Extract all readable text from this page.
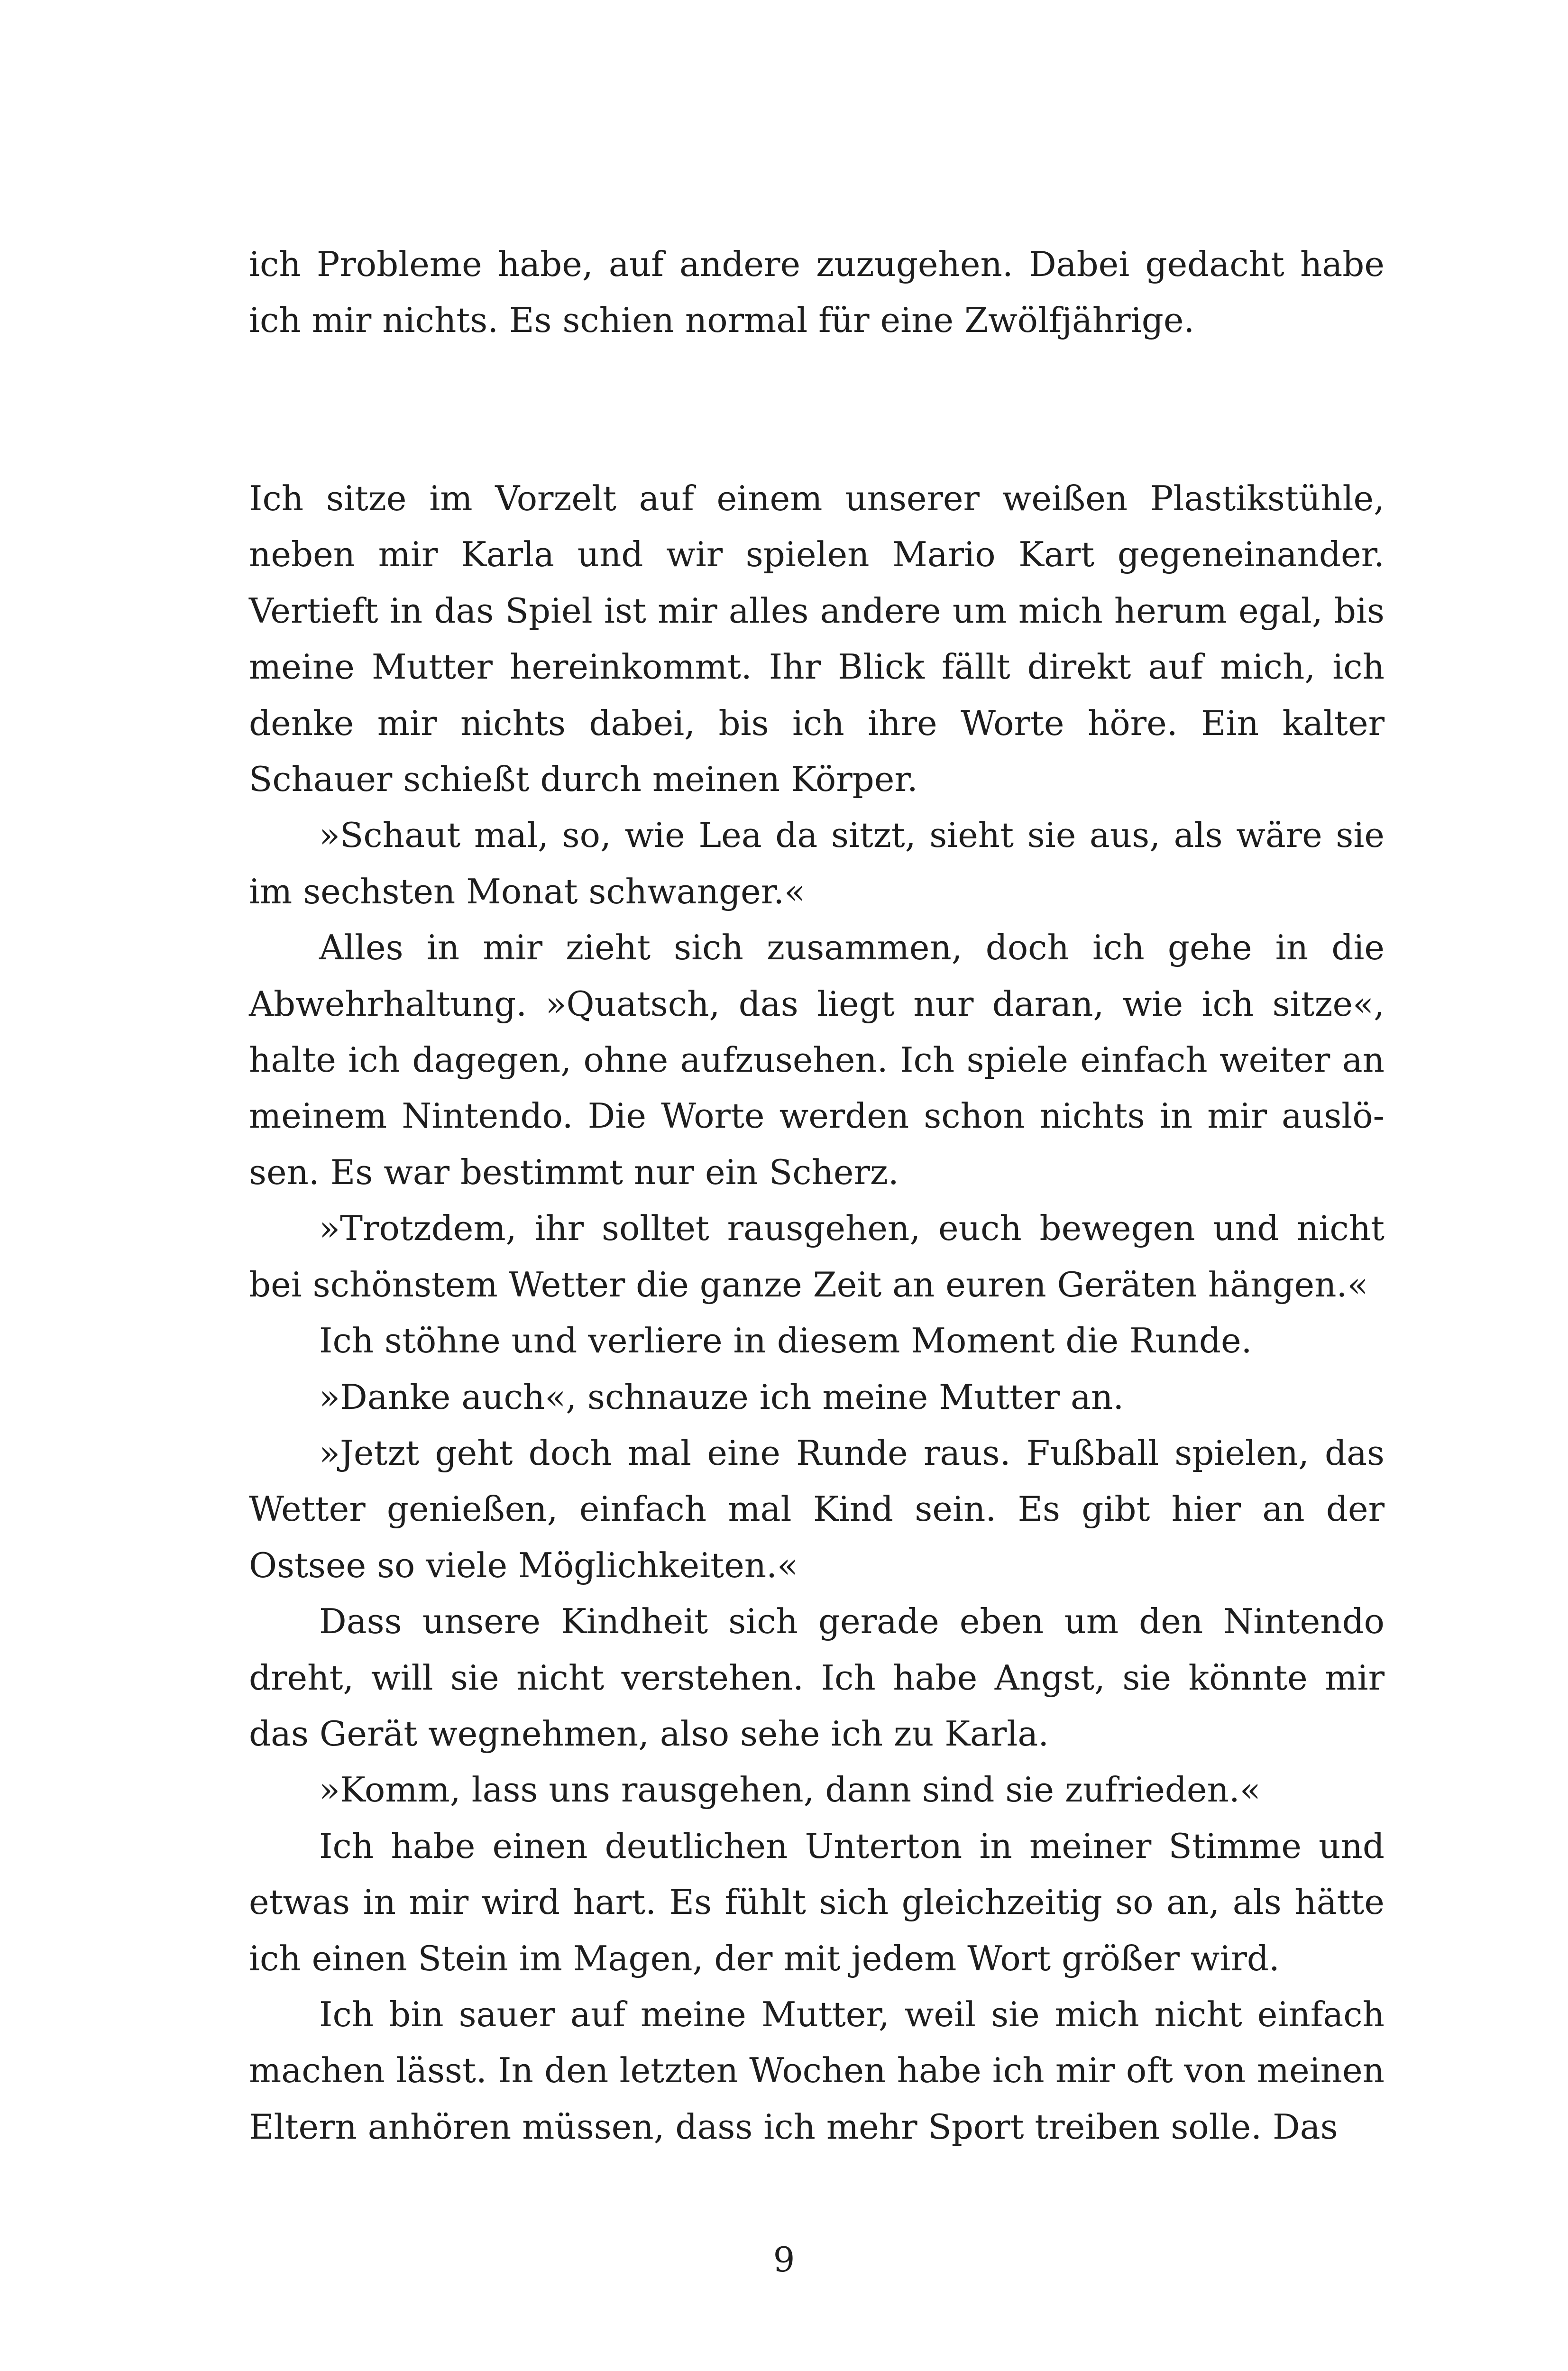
ich Probleme habe, auf andere zuzugehen. Dabei gedacht habe ich mir nichts. Es schien normal für eine Zwölfjährige.

Ich sitze im Vorzelt auf einem unserer weißen Plastikstühle, neben mir Karla und wir spielen Mario Kart gegeneinander. Vertieft in das Spiel ist mir alles andere um mich herum egal, bis meine Mutter hereinkommt. Ihr Blick fällt direkt auf mich, ich denke mir nichts dabei, bis ich ihre Worte höre. Ein kalter Schauer schießt durch meinen Körper.

»Schaut mal, so, wie Lea da sitzt, sieht sie aus, als wäre sie im sechsten Monat schwanger.«

Alles in mir zieht sich zusammen, doch ich gehe in die Abwehrhaltung. »Quatsch, das liegt nur daran, wie ich sitze«, halte ich dagegen, ohne aufzusehen. Ich spiele einfach weiter an meinem Nintendo. Die Worte werden schon nichts in mir auslösen. Es war bestimmt nur ein Scherz.

»Trotzdem, ihr solltet rausgehen, euch bewegen und nicht bei schönstem Wetter die ganze Zeit an euren Geräten hängen.«

Ich stöhne und verliere in diesem Moment die Runde.

»Danke auch«, schnauze ich meine Mutter an.

»Jetzt geht doch mal eine Runde raus. Fußball spielen, das Wetter genießen, einfach mal Kind sein. Es gibt hier an der Ostsee so viele Möglichkeiten.«

Dass unsere Kindheit sich gerade eben um den Nintendo dreht, will sie nicht verstehen. Ich habe Angst, sie könnte mir das Gerät wegnehmen, also sehe ich zu Karla.

»Komm, lass uns rausgehen, dann sind sie zufrieden.«

Ich habe einen deutlichen Unterton in meiner Stimme und etwas in mir wird hart. Es fühlt sich gleichzeitig so an, als hätte ich einen Stein im Magen, der mit jedem Wort größer wird.

Ich bin sauer auf meine Mutter, weil sie mich nicht einfach machen lässt. In den letzten Wochen habe ich mir oft von meinen Eltern anhören müssen, dass ich mehr Sport treiben solle. Das

9
